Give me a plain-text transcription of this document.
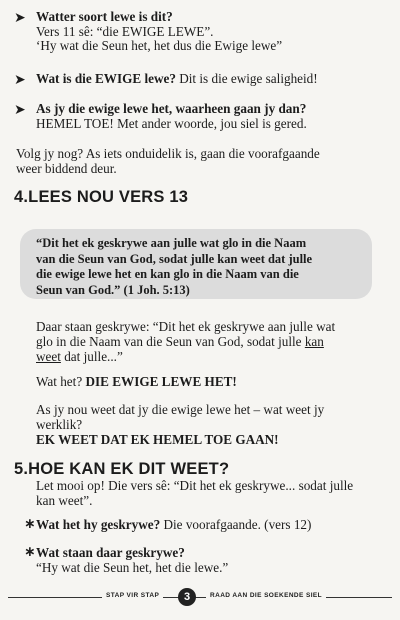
➤ Watter soort lewe is dit?
Vers 11 sê: “die EWIGE LEWE”.
‘Hy wat die Seun het, het dus die Ewige lewe”
➤ Wat is die EWIGE lewe? Dit is die ewige saligheid!
➤ As jy die ewige lewe het, waarheen gaan jy dan?
HEMEL TOE! Met ander woorde, jou siel is gered.
Volg jy nog? As iets onduidelik is, gaan die voorafgaande
weer biddend deur.
4.LEES NOU VERS 13
“Dit het ek geskrywe aan julle wat glo in die Naam
van die Seun van God, sodat julle kan weet dat julle
die ewige lewe het en kan glo in die Naam van die
Seun van God.” (1 Joh. 5:13)
Daar staan geskrywe: “Dit het ek geskrywe aan julle wat
glo in die Naam van die Seun van God, sodat julle kan
weet dat julle...”
Wat het? DIE EWIGE LEWE HET!
As jy nou weet dat jy die ewige lewe het – wat weet jy
werklik?
EK WEET DAT EK HEMEL TOE GAAN!
5.HOE KAN EK DIT WEET?
Let mooi op! Die vers sê: “Dit het ek geskrywe... sodat julle
kan weet”.
∗ Wat het hy geskrywe? Die voorafgaande. (vers 12)
∗ Wat staan daar geskrywe?
“Hy wat die Seun het, het die lewe.”
STAP VIR STAP	3	RAAD AAN DIE SOEKENDE SIEL
